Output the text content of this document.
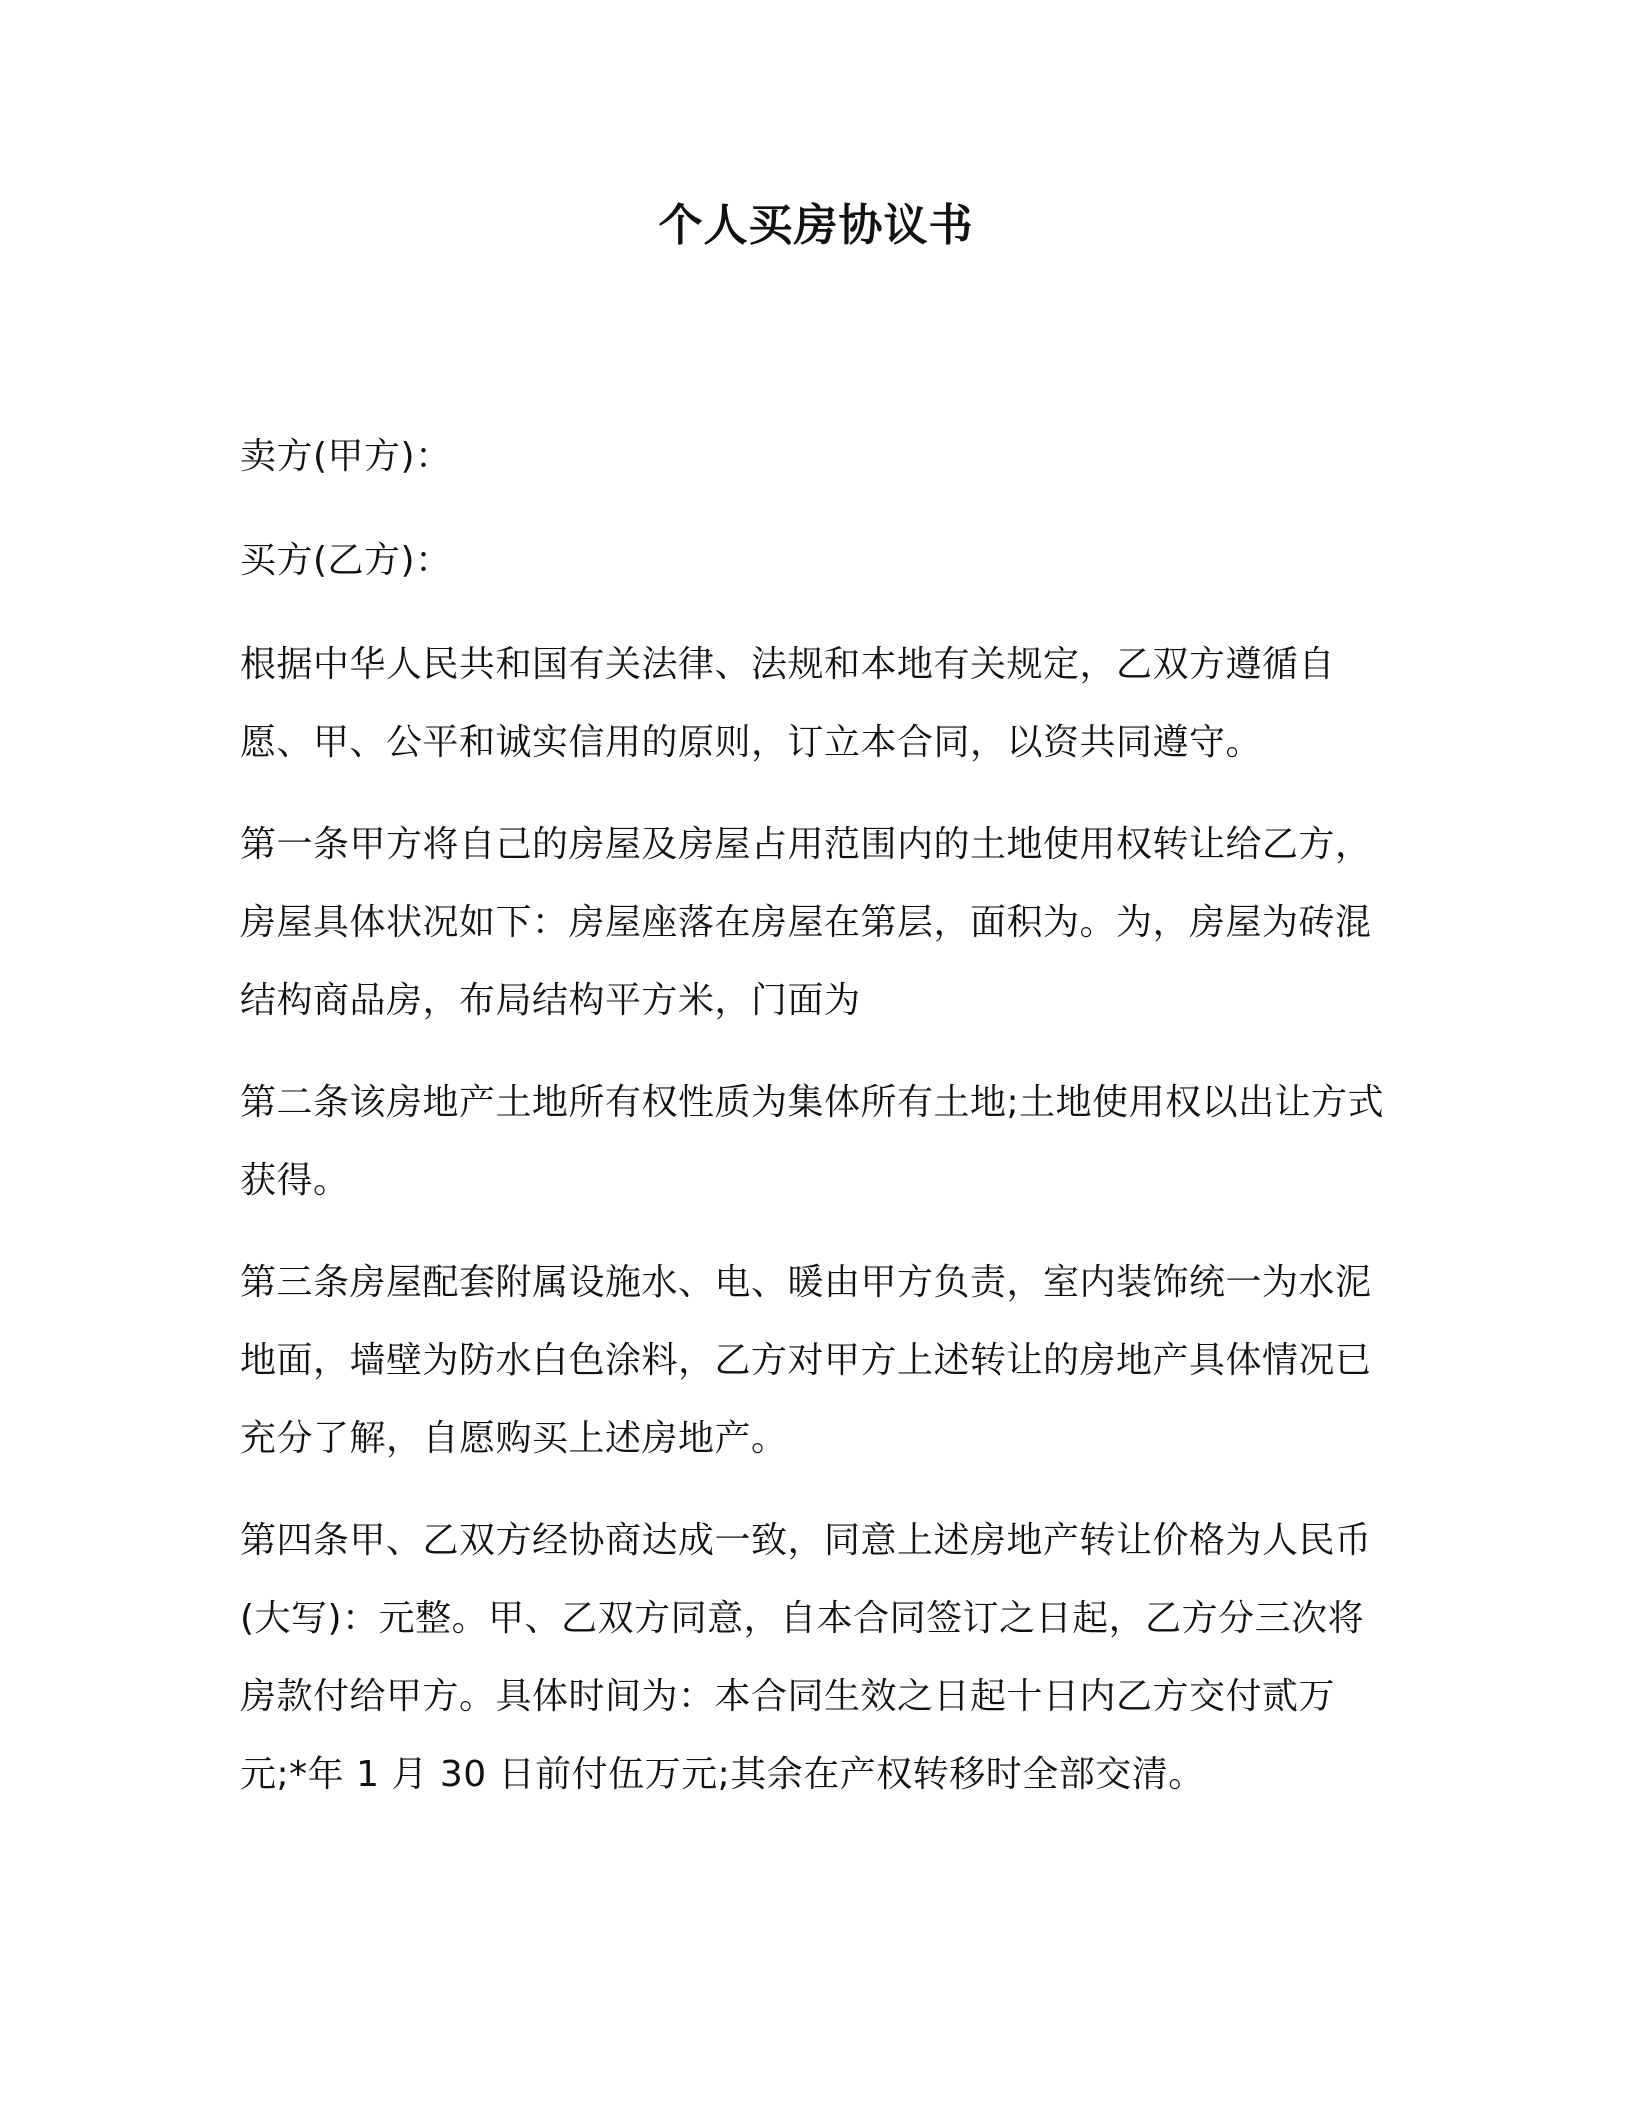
个人买房协议书

卖方(甲方)：

买方(乙方)：

根据中华人民共和国有关法律、法规和本地有关规定，乙双方遵循自愿、甲、公平和诚实信用的原则，订立本合同，以资共同遵守。

第一条甲方将自己的房屋及房屋占用范围内的土地使用权转让给乙方，房屋具体状况如下：房屋座落在房屋在第层，面积为。为，房屋为砖混结构商品房，布局结构平方米，门面为

第二条该房地产土地所有权性质为集体所有土地;土地使用权以出让方式获得。

第三条房屋配套附属设施水、电、暖由甲方负责，室内装饰统一为水泥地面，墙壁为防水白色涂料，乙方对甲方上述转让的房地产具体情况已充分了解，自愿购买上述房地产。

第四条甲、乙双方经协商达成一致，同意上述房地产转让价格为人民币(大写)：元整。甲、乙双方同意，自本合同签订之日起，乙方分三次将房款付给甲方。具体时间为：本合同生效之日起十日内乙方交付贰万元;*年 1 月 30 日前付伍万元;其余在产权转移时全部交清。
